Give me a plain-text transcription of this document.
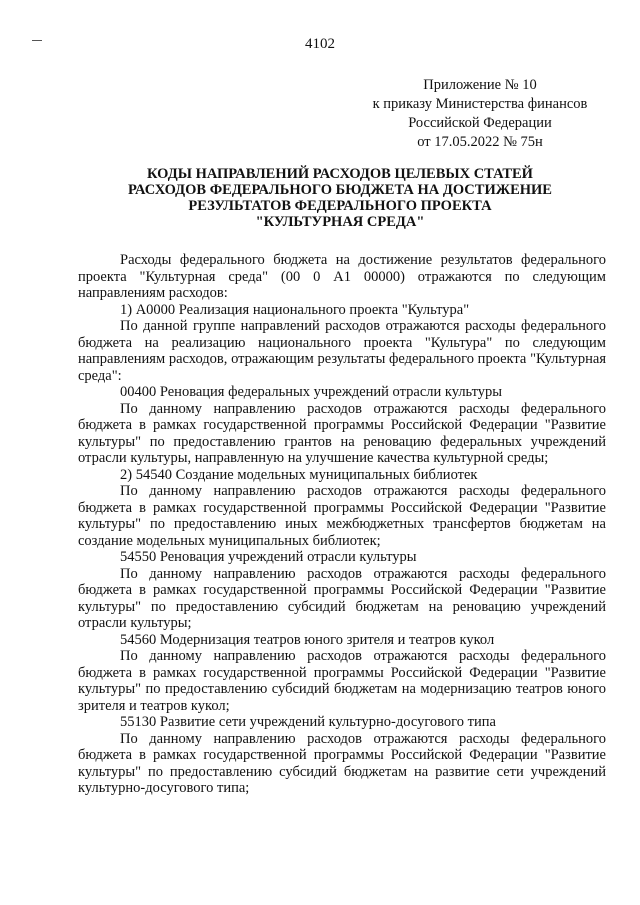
4102
Приложение № 10
к приказу Министерства финансов
Российской Федерации
от 17.05.2022 № 75н
КОДЫ НАПРАВЛЕНИЙ РАСХОДОВ ЦЕЛЕВЫХ СТАТЕЙ
РАСХОДОВ ФЕДЕРАЛЬНОГО БЮДЖЕТА НА ДОСТИЖЕНИЕ
РЕЗУЛЬТАТОВ ФЕДЕРАЛЬНОГО ПРОЕКТА
"КУЛЬТУРНАЯ СРЕДА"

Расходы федерального бюджета на достижение результатов федерального проекта "Культурная среда" (00 0 А1 00000) отражаются по следующим направлениям расходов:

1) А0000 Реализация национального проекта "Культура"

По данной группе направлений расходов отражаются расходы федерального бюджета на реализацию национального проекта "Культура" по следующим направлениям расходов, отражающим результаты федерального проекта "Культурная среда":

00400 Реновация федеральных учреждений отрасли культуры

По данному направлению расходов отражаются расходы федерального бюджета в рамках государственной программы Российской Федерации "Развитие культуры" по предоставлению грантов на реновацию федеральных учреждений отрасли культуры, направленную на улучшение качества культурной среды;

2) 54540 Создание модельных муниципальных библиотек

По данному направлению расходов отражаются расходы федерального бюджета в рамках государственной программы Российской Федерации "Развитие культуры" по предоставлению иных межбюджетных трансфертов бюджетам на создание модельных муниципальных библиотек;

54550 Реновация учреждений отрасли культуры

По данному направлению расходов отражаются расходы федерального бюджета в рамках государственной программы Российской Федерации "Развитие культуры" по предоставлению субсидий бюджетам на реновацию учреждений отрасли культуры;

54560 Модернизация театров юного зрителя и театров кукол

По данному направлению расходов отражаются расходы федерального бюджета в рамках государственной программы Российской Федерации "Развитие культуры" по предоставлению субсидий бюджетам на модернизацию театров юного зрителя и театров кукол;

55130 Развитие сети учреждений культурно-досугового типа

По данному направлению расходов отражаются расходы федерального бюджета в рамках государственной программы Российской Федерации "Развитие культуры" по предоставлению субсидий бюджетам на развитие сети учреждений культурно-досугового типа;
